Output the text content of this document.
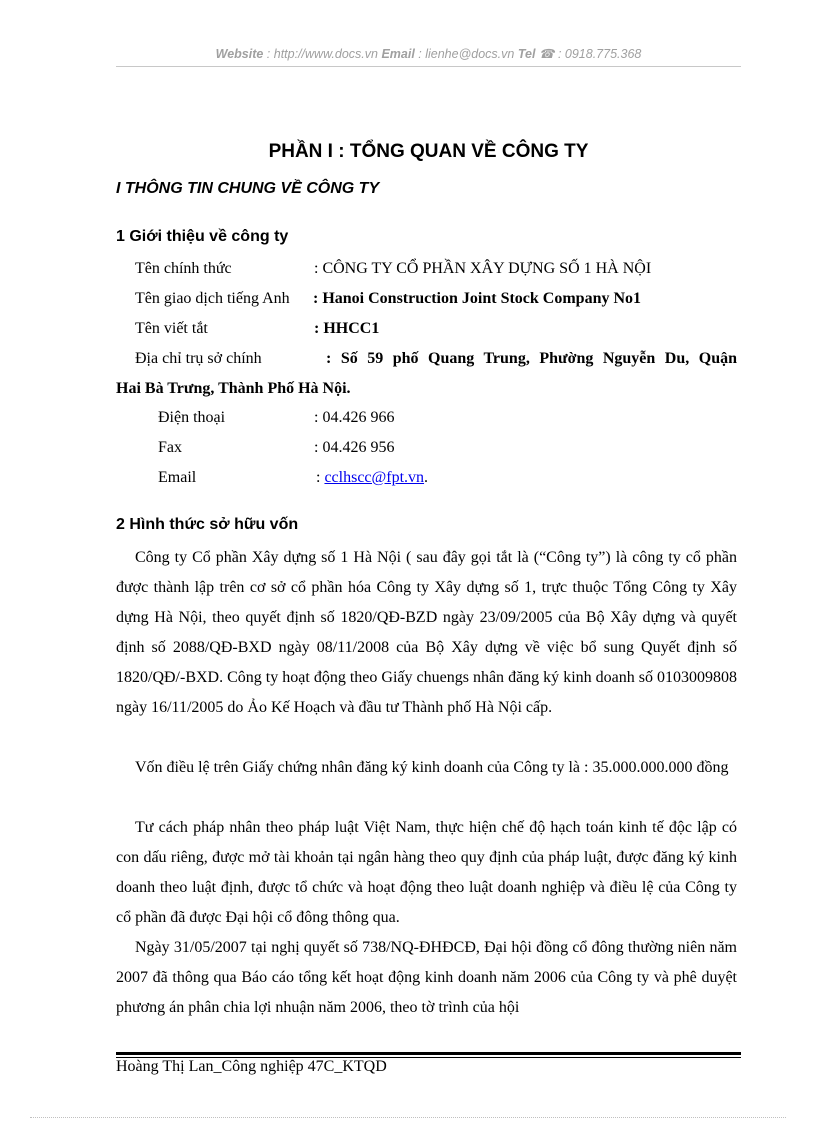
Website : http://www.docs.vn Email : lienhe@docs.vn Tel ☎ : 0918.775.368
PHẦN I : TỔNG QUAN VỀ CÔNG TY
I THÔNG TIN CHUNG VỀ CÔNG TY
1 Giới thiệu về công ty
Tên chính thức	: CÔNG TY CỔ PHẦN XÂY DỰNG SỐ 1 HÀ NỘI
Tên giao dịch tiếng Anh : Hanoi Construction Joint Stock Company No1
Tên viết tắt	: HHCC1
Địa chỉ trụ sở chính	: Số 59 phố Quang Trung, Phường Nguyễn Du, Quận
Hai Bà Trưng, Thành Phố Hà Nội.
Điện thoại	: 04.426 966
Fax	: 04.426 956
Email	: cclhscc@fpt.vn.
2 Hình thức sở hữu vốn

Công ty Cổ phần Xây dựng số 1 Hà Nội ( sau đây gọi tắt là (“Công ty”) là công ty cổ phần được thành lập trên cơ sở cổ phần hóa Công ty Xây dựng số 1, trực thuộc Tổng Công ty Xây dựng Hà Nội, theo quyết định số 1820/QĐ-BZD ngày 23/09/2005 của Bộ Xây dựng và quyết định số 2088/QĐ-BXD ngày 08/11/2008 của Bộ Xây dựng về việc bổ sung Quyết định số 1820/QĐ/-BXD. Công ty hoạt động theo Giấy chuengs nhân đăng ký kinh doanh số 0103009808 ngày 16/11/2005 do Ảo Kế Hoạch và đầu tư Thành phố Hà Nội cấp.

Vốn điều lệ trên Giấy chứng nhân đăng ký kinh doanh của Công ty là : 35.000.000.000 đồng

Tư cách pháp nhân theo pháp luật Việt Nam, thực hiện chế độ hạch toán kinh tế độc lập có con dấu riêng, được mở tài khoản tại ngân hàng theo quy định của pháp luật, được đăng ký kinh doanh theo luật định, được tổ chức và hoạt động theo luật doanh nghiệp và điều lệ của Công ty cổ phần đã được Đại hội cổ đông thông qua.

Ngày 31/05/2007 tại nghị quyết số 738/NQ-ĐHĐCĐ, Đại hội đồng cổ đông thường niên năm 2007 đã thông qua Báo cáo tổng kết hoạt động kinh doanh năm 2006 của Công ty và phê duyệt phương án phân chia lợi nhuận năm 2006, theo tờ trình của hội

Hoàng Thị Lan_Công nghiệp 47C_KTQD
